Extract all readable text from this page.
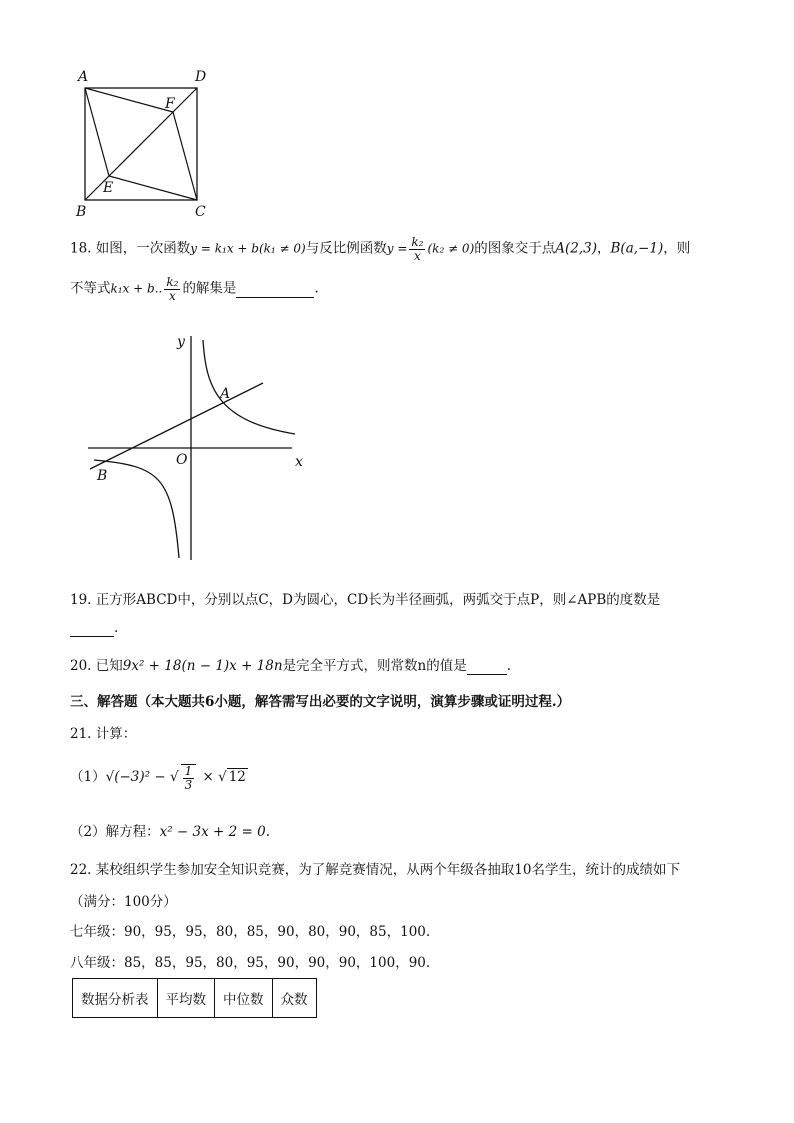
A	D
F
E
B	C
18. 如图，一次函数y = k₁x + b(k₁ ≠ 0)与反比例函数$y = \frac{\text{k₂}}{x} (k_2 \ne 0)$的图象交于点A(2,3)，B(a,−1)，则
不等式k₁x + b.. $\frac{\text{k₂}}{x}$ 的解集是	.
y
x
O
A
B
19. 正方形ABCD中，分别以点C，D为圆心，CD长为半径画弧，两弧交于点P，则∠APB的度数是
.
20. 已知9x² + 18(n − 1)x + 18n是完全平方式，则常数n的值是	.
三、解答题（本大题共6小题，解答需写出必要的文字说明，演算步骤或证明过程.）
21. 计算：
（1）√(−3)² − √ $\frac{1}{3}$ × √ 12
（2）解方程：x² − 3x + 2 = 0.
22. 某校组织学生参加安全知识竞赛，为了解竞赛情况，从两个年级各抽取10名学生，统计的成绩如下
（满分：100分）
七年级：90，95，95，80，85，90，80，90，85，100.
八年级：85，85，95，80，95，90，90，90，100，90.
数据分析表	平均数	中位数	众数
